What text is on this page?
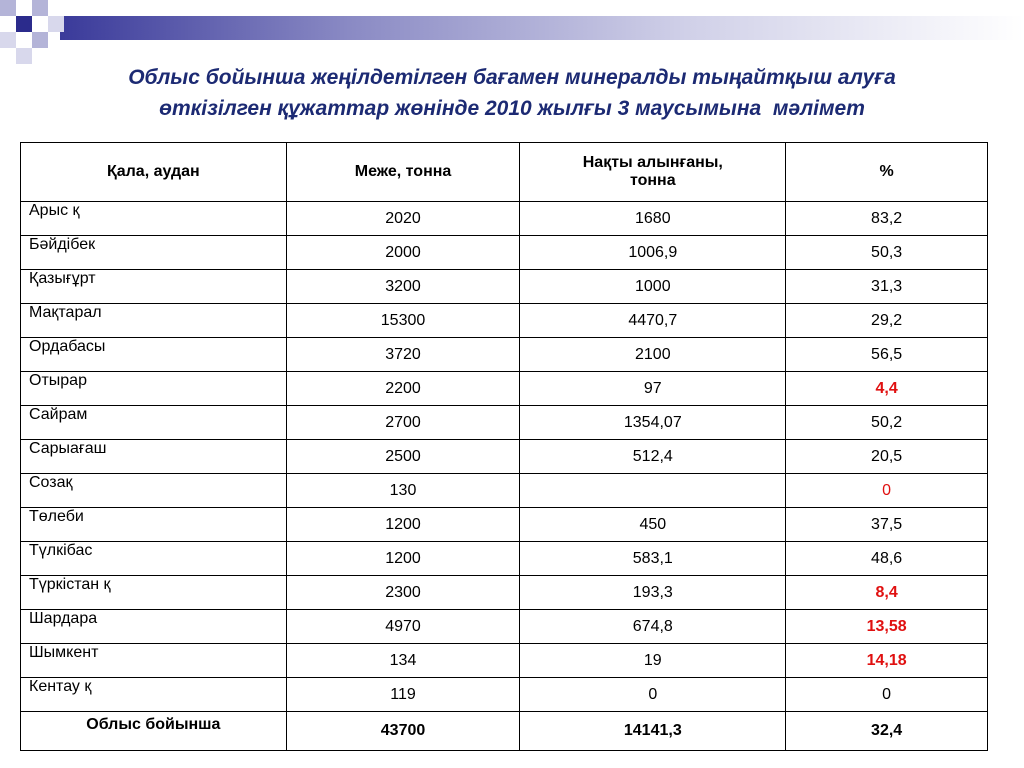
Облыс бойынша жеңілдетілген бағамен минералды тыңайтқыш алуға
өткізілген құжаттар жөнінде 2010 жылғы 3 маусымына  мәлімет
Қала, аудан	Меже, тонна	Нақты алынғаны, тонна	%
Арыс қ	2020	1680	83,2
Бәйдібек	2000	1006,9	50,3
Қазығұрт	3200	1000	31,3
Мақтарал	15300	4470,7	29,2
Ордабасы	3720	2100	56,5
Отырар	2200	97	4,4
Сайрам	2700	1354,07	50,2
Сарыағаш	2500	512,4	20,5
Созақ	130		0
Төлеби	1200	450	37,5
Түлкібас	1200	583,1	48,6
Түркістан қ	2300	193,3	8,4
Шардара	4970	674,8	13,58
Шымкент	134	19	14,18
Кентау қ	119	0	0
Облыс бойынша	43700	14141,3	32,4
